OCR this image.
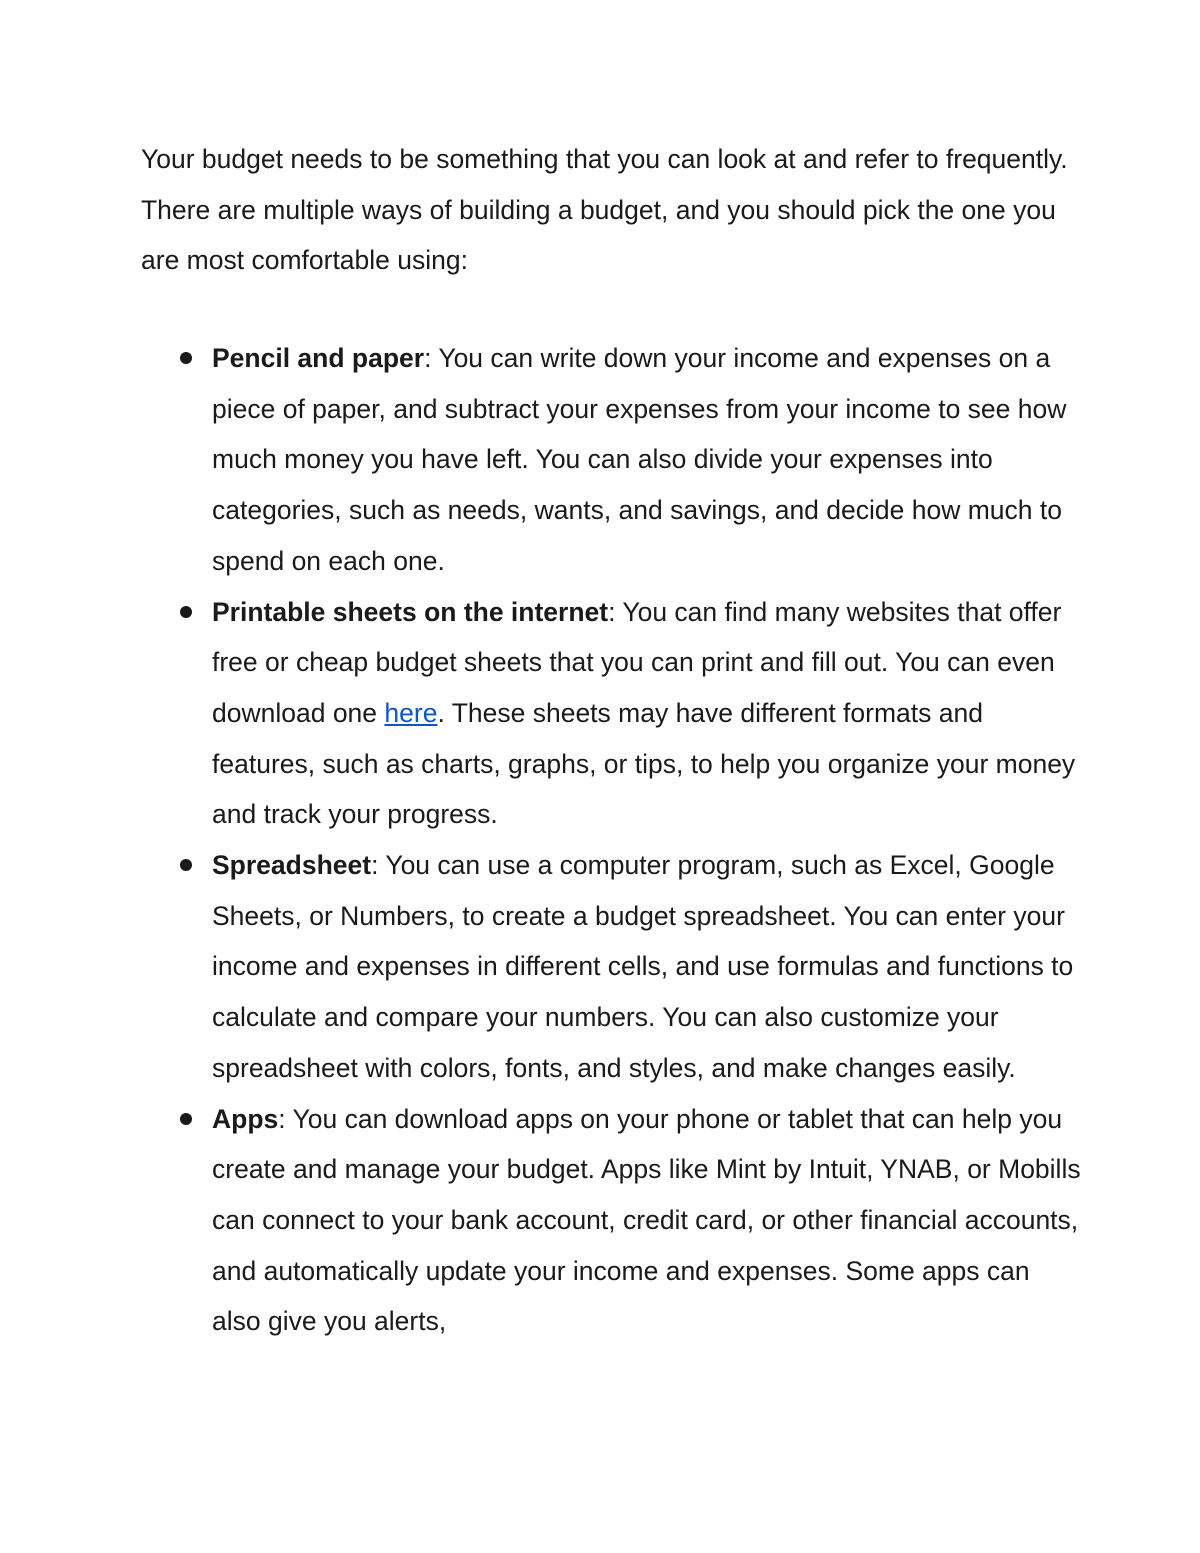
Your budget needs to be something that you can look at and refer to frequently. There are multiple ways of building a budget, and you should pick the one you are most comfortable using:

Pencil and paper: You can write down your income and expenses on a piece of paper, and subtract your expenses from your income to see how much money you have left. You can also divide your expenses into categories, such as needs, wants, and savings, and decide how much to spend on each one.
Printable sheets on the internet: You can find many websites that offer free or cheap budget sheets that you can print and fill out. You can even download one here. These sheets may have different formats and features, such as charts, graphs, or tips, to help you organize your money and track your progress.
Spreadsheet: You can use a computer program, such as Excel, Google Sheets, or Numbers, to create a budget spreadsheet. You can enter your income and expenses in different cells, and use formulas and functions to calculate and compare your numbers. You can also customize your spreadsheet with colors, fonts, and styles, and make changes easily.
Apps: You can download apps on your phone or tablet that can help you create and manage your budget. Apps like Mint by Intuit, YNAB, or Mobills can connect to your bank account, credit card, or other financial accounts, and automatically update your income and expenses. Some apps can also give you alerts,
